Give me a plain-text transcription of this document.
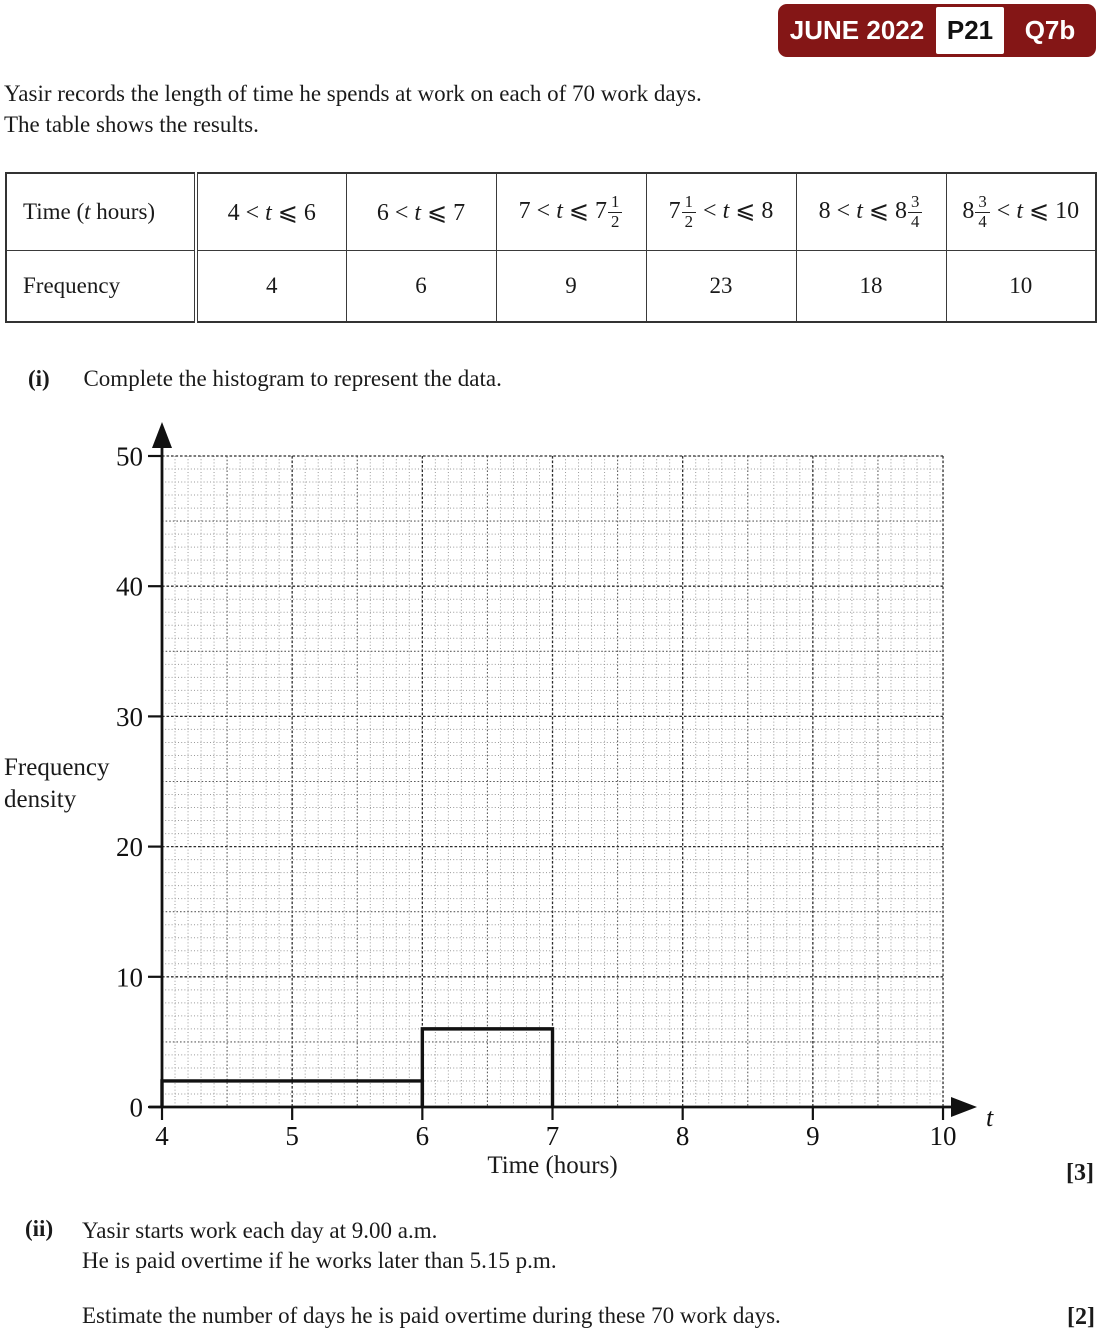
JUNE 2022 P21	Q7b
Yasir records the length of time he spends at work on each of 70 work days.
The table shows the results.
Time (t hours)	4 < t ⩽ 6	6 < t ⩽ 7	7 < t ⩽ $7 \frac{1}{2}$	$7 \frac{1}{2} < t$ ⩽ 8	8 < t ⩽ $8 \frac{3}{4}$	$8 \frac{3}{4} < t$ ⩽ 10
Frequency	4	6	9	23	18	10
(i) Complete the histogram to represent the data.
0
10
20
30
40
50
4	5	6	7	8	9	10
t
Frequency density
Time (hours)	[3]
(ii) Yasir starts work each day at 9.00 a.m.
He is paid overtime if he works later than 5.15 p.m.
Estimate the number of days he is paid overtime during these 70 work days.	[2]
